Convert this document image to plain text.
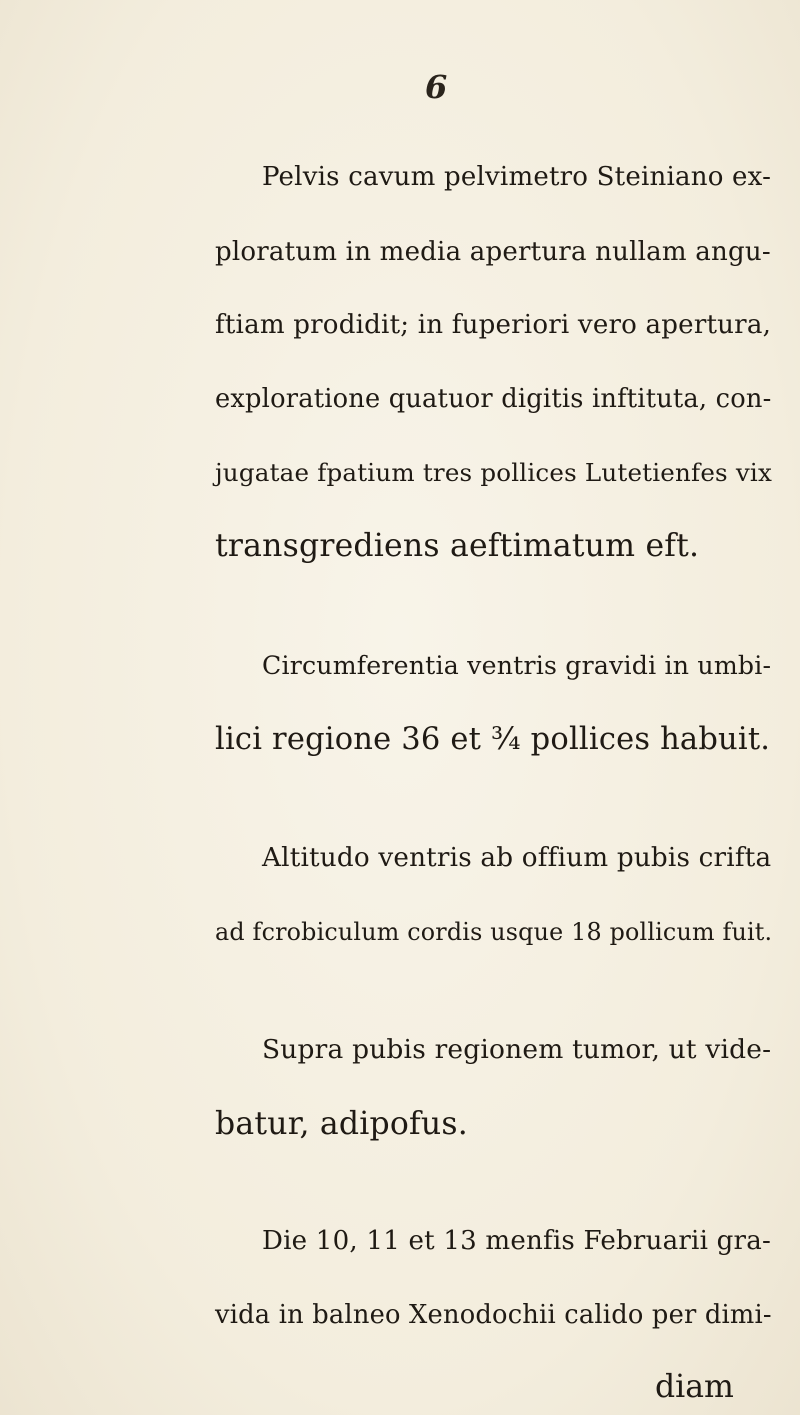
6
Pelvis cavum pelvimetro Steiniano ex-
ploratum in media apertura nullam angu-
ftiam prodidit; in fuperiori vero apertura,
exploratione quatuor digitis inftituta, con-
jugatae fpatium tres pollices Lutetienfes vix
transgrediens aeftimatum eft.
Circumferentia ventris gravidi in umbi-
lici regione 36 et ¾ pollices habuit.
Altitudo ventris ab offium pubis crifta
ad fcrobiculum cordis usque 18 pollicum fuit.
Supra pubis regionem tumor, ut vide-
batur, adipofus.
Die 10, 11 et 13 menfis Februarii gra-
vida in balneo Xenodochii calido per dimi-
diam
